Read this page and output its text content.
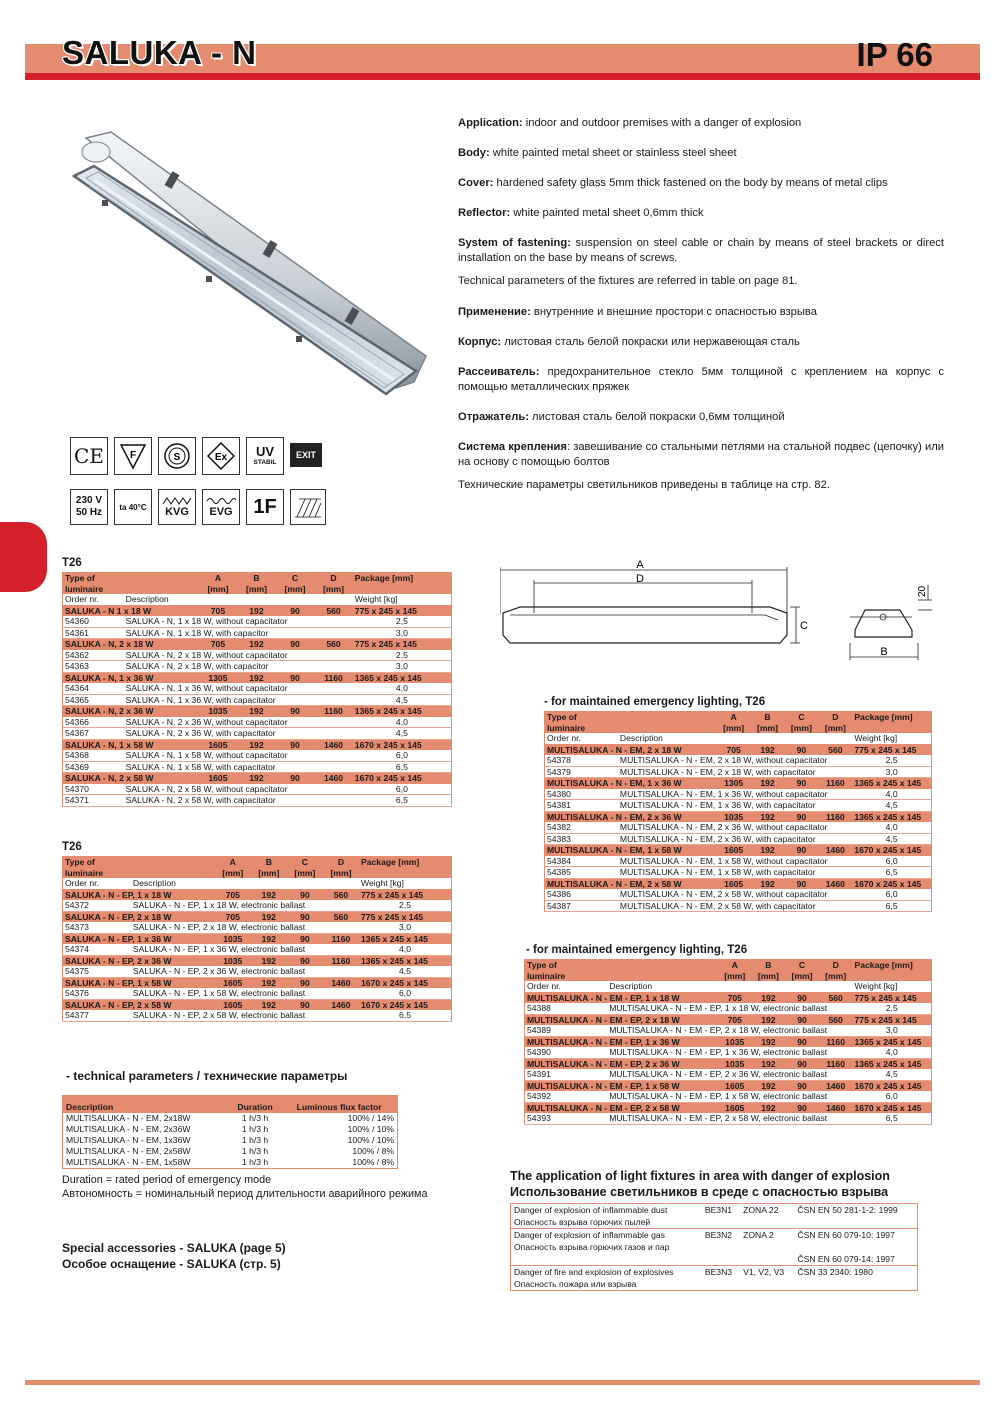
SALUKA - N	IP 66

Application: indoor and outdoor premises with a danger of explosion

Body: white painted metal sheet or stainless steel sheet

Cover: hardened safety glass 5mm thick fastened on the body by means of metal clips

Reflector: white painted metal sheet 0,6mm thick

System of fastening: suspension on steel cable or chain by means of steel brackets or direct installation on the base by means of screws.

Technical parameters of the fixtures are referred in table on page 81.

Применение: внутренние и внешние простори с опасностью взрыва

Корпус: листовая сталь белой покраски или нержавеющая сталь

Рассеиватель: предохранительное стекло 5мм толщиной с креплением на корпус с помощью металлических пряжек

Отражатель: листовая сталь белой покраски 0,6мм толщиной

Система крепления: завешивание со стальными петлями на стальной подвес (цепочку) или на основу с помощью болтов

Технические параметры светильников приведены в таблице на стр. 82.

CE	F	S	Ex UV
STABIL
EXIT
230 V
50 Hz	ta 40°C	KVG EVG	1F
T26
T26
- for maintained emergency lighting, T26
- for maintained emergency lighting, T26
Type of		A	B	C	D	Package [mm]
luminaire		[mm]	[mm]	[mm]	[mm]	
Order nr.	Description					Weight [kg]
SALUKA - N 1 x 18 W		705	192	90	560	775 x 245 x 145
54360	SALUKA - N, 1 x 18 W, without capacitator					2,5
54361	SALUKA - N, 1 x 18 W, with capacitor					3,0
SALUKA - N, 2 x 18 W		705	192	90	560	775 x 245 x 145
54362	SALUKA - N, 2 x 18 W, without capacitator					2,5
54363	SALUKA - N, 2 x 18 W, with capacitor					3,0
SALUKA - N, 1 x 36 W		1305	192	90	1160	1365 x 245 x 145
54364	SALUKA - N, 1 x 36 W, without capacitator					4,0
54365	SALUKA - N, 1 x 36 W, with capacitator					4,5
SALUKA - N, 2 x 36 W		1035	192	90	1160	1365 x 245 x 145
54366	SALUKA - N, 2 x 36 W, without capacitator					4,0
54367	SALUKA - N, 2 x 36 W, with capacitator					4,5
SALUKA - N, 1 x 58 W		1605	192	90	1460	1670 x 245 x 145
54368	SALUKA - N, 1 x 58 W, without capacitator					6,0
54369	SALUKA - N, 1 x 58 W, with capacitator					6,5
SALUKA - N, 2 x 58 W		1605	192	90	1460	1670 x 245 x 145
54370	SALUKA - N, 2 x 58 W, without capacitator					6,0
54371	SALUKA - N, 2 x 58 W, with capacitator					6,5
Type of		A	B	C	D	Package [mm]
luminaire		[mm]	[mm]	[mm]	[mm]	
Order nr.	Description					Weight [kg]
SALUKA - N - EP, 1 x 18 W		705	192	90	560	775 x 245 x 145
54372	SALUKA - N - EP, 1 x 18 W, electronic ballast					2,5
SALUKA - N - EP, 2 x 18 W		705	192	90	560	775 x 245 x 145
54373	SALUKA - N - EP, 2 x 18 W, electronic ballast					3,0
SALUKA - N - EP, 1 x 36 W		1035	192	90	1160	1365 x 245 x 145
54374	SALUKA - N - EP, 1 x 36 W, electronic ballast					4,0
SALUKA - N - EP, 2 x 36 W		1035	192	90	1160	1365 x 245 x 145
54375	SALUKA - N - EP, 2 x 36 W, electronic ballast					4,5
SALUKA - N - EP, 1 x 58 W		1605	192	90	1460	1670 x 245 x 145
54376	SALUKA - N - EP, 1 x 58 W, electronic ballast					6,0
SALUKA - N - EP, 2 x 58 W		1605	192	90	1460	1670 x 245 x 145
54377	SALUKA - N - EP, 2 x 58 W, electronic ballast					6,5
Type of		A	B	C	D	Package [mm]
luminaire		[mm]	[mm]	[mm]	[mm]	
Order nr.	Description					Weight [kg]
MULTISALUKA - N - EM, 2 x 18 W		705	192	90	560	775 x 245 x 145
54378	MULTISALUKA - N - EM, 2 x 18 W, without capacitator					2,5
54379	MULTISALUKA - N - EM, 2 x 18 W, with capacitator					3,0
MULTISALUKA - N - EM, 1 x 36 W		1305	192	90	1160	1365 x 245 x 145
54380	MULTISALUKA - N - EM, 1 x 36 W, without capacitator					4,0
54381	MULTISALUKA - N - EM, 1 x 36 W, with capacitator					4,5
MULTISALUKA - N - EM, 2 x 36 W		1035	192	90	1160	1365 x 245 x 145
54382	MULTISALUKA - N - EM, 2 x 36 W, without capacitator					4,0
54383	MULTISALUKA - N - EM, 2 x 36 W, with capacitator					4,5
MULTISALUKA - N - EM, 1 x 58 W		1605	192	90	1460	1670 x 245 x 145
54384	MULTISALUKA - N - EM, 1 x 58 W, without capacitator					6,0
54385	MULTISALUKA - N - EM, 1 x 58 W, with capacitator					6,5
MULTISALUKA - N - EM, 2 x 58 W		1605	192	90	1460	1670 x 245 x 145
54386	MULTISALUKA - N - EM, 2 x 58 W, without capacitator					6,0
54387	MULTISALUKA - N - EM, 2 x 58 W, with capacitator					6,5
Type of		A	B	C	D	Package [mm]
luminaire		[mm]	[mm]	[mm]	[mm]	
Order nr.	Description					Weight [kg]
MULTISALUKA - N - EM - EP, 1 x 18 W		705	192	90	560	775 x 245 x 145
54388	MULTISALUKA - N - EM - EP, 1 x 18 W, electronic ballast					2,5
MULTISALUKA - N - EM - EP, 2 x 18 W		705	192	90	560	775 x 245 x 145
54389	MULTISALUKA - N - EM - EP, 2 x 18 W, electronic ballast					3,0
MULTISALUKA - N - EM - EP, 1 x 36 W		1035	192	90	1160	1365 x 245 x 145
54390	MULTISALUKA - N - EM - EP, 1 x 36 W, electronic ballast					4,0
MULTISALUKA - N - EM - EP, 2 x 36 W		1035	192	90	1160	1365 x 245 x 145
54391	MULTISALUKA - N - EM - EP, 2 x 36 W, electronic ballast					4,5
MULTISALUKA - N - EM - EP, 1 x 58 W		1605	192	90	1460	1670 x 245 x 145
54392	MULTISALUKA - N - EM - EP, 1 x 58 W, electronic ballast					6,0
MULTISALUKA - N - EM - EP, 2 x 58 W		1605	192	90	1460	1670 x 245 x 145
54393	MULTISALUKA - N - EM - EP, 2 x 58 W, electronic ballast					6,5
A
D
C
B
20
- technical parameters / технические параметры
Description	Duration	Luminous flux factor
MULTISALUKA - N - EM, 2x18W	1 h/3 h	100% / 14%
MULTISALUKA - N - EM, 2x36W	1 h/3 h	100% / 10%
MULTISALUKA - N - EM, 1x36W	1 h/3 h	100% / 10%
MULTISALUKA - N - EM, 2x58W	1 h/3 h	100% / 8%
MULTISALUKA - N - EM, 1x58W	1 h/3 h	100% / 8%
Duration = rated period of emergency mode
Автономность = номинальный период длительности аварийного режима
Special accessories - SALUKA (page 5)
Особое оснащение - SALUKA (стр. 5)
The application of light fixtures in area with danger of explosion
Использование светильников в среде с опасностью взрыва
Danger of explosion of inflammable dust	BE3N1	ZONA 22	ČSN EN 50 281-1-2: 1999
Опасность взрыва горючих пылей			
Danger of explosion of inflammable gas	BE3N2	ZONA 2	ČSN EN 60 079-10: 1997
Опасность взрыва горючих газов и пар			
			ČSN EN 60 079-14: 1997
Danger of fire and explosion of explosives	BE3N3	V1, V2, V3	ČSN 33 2340: 1980
Опасность пожара или взрыва			
